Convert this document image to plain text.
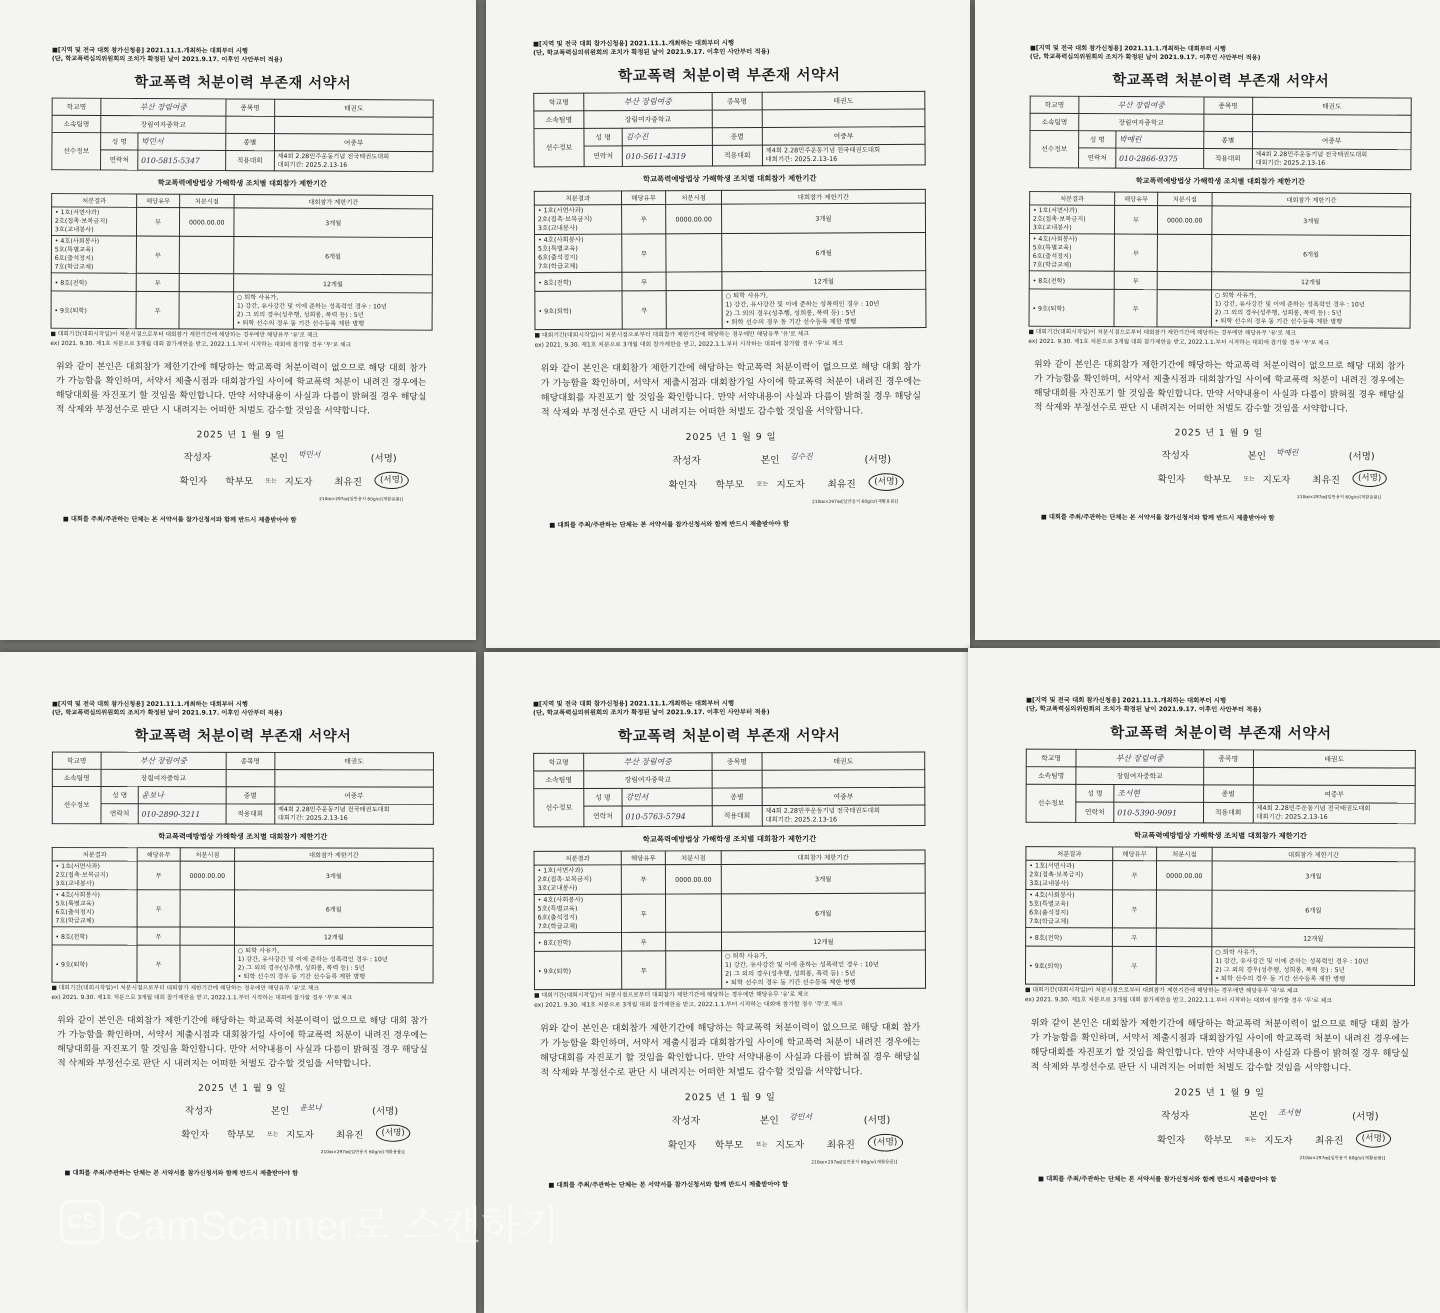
■[지역 및 전국 대회 참가신청용] 2021.11.1.개최하는 대회부터 시행
(단, 학교폭력심의위원회의 조치가 확정된 날이 2021.9.17. 이후인 사안부터 적용)
학교폭력 처분이력 부존재 서약서
학교명	부산 장림여중		종목명	태권도
소속팀명	장림여자중학교			
선수정보	성 명	박민서	종별	여중부
	연락처	010-5815-5347	적용대회	제4회 2.28민주운동기념 전국태권도대회
대회기간: 2025.2.13-16
학교폭력예방법상 가해학생 조치별 대회참가 제한기간
처분결과	해당유무	처분시점	대회참가 제한기간

• 1호(서면사과)
2호(접촉·보복금지)
3호(교내봉사)	무	0000.00.00	3개월

• 4호(사회봉사)
5호(특별교육)
6호(출석정지)
7호(학급교체)	무		6개월
• 8호(전학)	무		12개월
• 9호(퇴학)	무		○ 퇴학 사유가,
1) 강간, 유사강간 및 이에 준하는 성폭력인 경우 : 10년
2) 그 외의 경우(성추행, 성희롱, 폭력 등) : 5년
• 퇴학 선수의 경우 동 기간 선수등록 제한 병행
■ 대회기간(대회시작일)이 처분시점으로부터 대회참가 제한기간에 해당하는 경우에만 해당유무 '유'로 체크
ex) 2021. 9.30. 제1호 처분으로 3개월 대회 참가제한을 받고, 2022.1.1.부터 시작하는 대회에 참가할 경우 '무'로 체크
위와 같이 본인은 대회참가 제한기간에 해당하는 학교폭력 처분이력이 없으므로 해당 대회 참가가 가능함을 확인하며, 서약서 제출시점과 대회참가일 사이에 학교폭력 처분이 내려진 경우에는 해당대회를 자진포기 할 것임을 확인합니다. 만약 서약내용이 사실과 다름이 밝혀질 경우 해당실적 삭제와 부정선수로 판단 시 내려지는 어떠한 처벌도 감수할 것임을 서약합니다.
2025 년 1 월 9 일
작성자	본인 박민서	(서명)
확인자 학부모 또는 지도자 최유진	(서명)
210㎜×297㎜[일반용지 60g/㎡(재활용품)]
■ 대회를 주최/주관하는 단체는 본 서약서를 참가신청서와 함께 반드시 제출받아야 함
■[지역 및 전국 대회 참가신청용] 2021.11.1.개최하는 대회부터 시행
(단, 학교폭력심의위원회의 조치가 확정된 날이 2021.9.17. 이후인 사안부터 적용)
학교폭력 처분이력 부존재 서약서
학교명	부산 장림여중		종목명	태권도
소속팀명	장림여자중학교			
선수정보	성 명	김수진	종별	여중부
	연락처	010-5611-4319	적용대회	제4회 2.28민주운동기념 전국태권도대회
대회기간: 2025.2.13-16
학교폭력예방법상 가해학생 조치별 대회참가 제한기간
처분결과	해당유무	처분시점	대회참가 제한기간

• 1호(서면사과)
2호(접촉·보복금지)
3호(교내봉사)	무	0000.00.00	3개월

• 4호(사회봉사)
5호(특별교육)
6호(출석정지)
7호(학급교체)	무		6개월
• 8호(전학)	무		12개월
• 9호(퇴학)	무		○ 퇴학 사유가,
1) 강간, 유사강간 및 이에 준하는 성폭력인 경우 : 10년
2) 그 외의 경우(성추행, 성희롱, 폭력 등) : 5년
• 퇴학 선수의 경우 동 기간 선수등록 제한 병행
■ 대회기간(대회시작일)이 처분시점으로부터 대회참가 제한기간에 해당하는 경우에만 해당유무 '유'로 체크
ex) 2021. 9.30. 제1호 처분으로 3개월 대회 참가제한을 받고, 2022.1.1.부터 시작하는 대회에 참가할 경우 '무'로 체크
위와 같이 본인은 대회참가 제한기간에 해당하는 학교폭력 처분이력이 없으므로 해당 대회 참가가 가능함을 확인하며, 서약서 제출시점과 대회참가일 사이에 학교폭력 처분이 내려진 경우에는 해당대회를 자진포기 할 것임을 확인합니다. 만약 서약내용이 사실과 다름이 밝혀질 경우 해당실적 삭제와 부정선수로 판단 시 내려지는 어떠한 처벌도 감수할 것임을 서약합니다.
2025 년 1 월 9 일
작성자	본인 김수진	(서명)
확인자 학부모 또는 지도자 최유진	(서명)
210㎜×297㎜[일반용지 60g/㎡(재활용품)]
■ 대회를 주최/주관하는 단체는 본 서약서를 참가신청서와 함께 반드시 제출받아야 함
■[지역 및 전국 대회 참가신청용] 2021.11.1.개최하는 대회부터 시행
(단, 학교폭력심의위원회의 조치가 확정된 날이 2021.9.17. 이후인 사안부터 적용)
학교폭력 처분이력 부존재 서약서
학교명	부산 장림여중		종목명	태권도
소속팀명	장림여자중학교			
선수정보	성 명	박예린	종별	여중부
	연락처	010-2866-9375	적용대회	제4회 2.28민주운동기념 전국태권도대회
대회기간: 2025.2.13-16
학교폭력예방법상 가해학생 조치별 대회참가 제한기간
처분결과	해당유무	처분시점	대회참가 제한기간

• 1호(서면사과)
2호(접촉·보복금지)
3호(교내봉사)	무	0000.00.00	3개월

• 4호(사회봉사)
5호(특별교육)
6호(출석정지)
7호(학급교체)	무		6개월
• 8호(전학)	무		12개월
• 9호(퇴학)	무		○ 퇴학 사유가,
1) 강간, 유사강간 및 이에 준하는 성폭력인 경우 : 10년
2) 그 외의 경우(성추행, 성희롱, 폭력 등) : 5년
• 퇴학 선수의 경우 동 기간 선수등록 제한 병행
■ 대회기간(대회시작일)이 처분시점으로부터 대회참가 제한기간에 해당하는 경우에만 해당유무 '유'로 체크
ex) 2021. 9.30. 제1호 처분으로 3개월 대회 참가제한을 받고, 2022.1.1.부터 시작하는 대회에 참가할 경우 '무'로 체크
위와 같이 본인은 대회참가 제한기간에 해당하는 학교폭력 처분이력이 없으므로 해당 대회 참가가 가능함을 확인하며, 서약서 제출시점과 대회참가일 사이에 학교폭력 처분이 내려진 경우에는 해당대회를 자진포기 할 것임을 확인합니다. 만약 서약내용이 사실과 다름이 밝혀질 경우 해당실적 삭제와 부정선수로 판단 시 내려지는 어떠한 처벌도 감수할 것임을 서약합니다.
2025 년 1 월 9 일
작성자	본인 박예린	(서명)
확인자 학부모 또는 지도자 최유진	(서명)
210㎜×297㎜[일반용지 60g/㎡(재활용품)]
■ 대회를 주최/주관하는 단체는 본 서약서를 참가신청서와 함께 반드시 제출받아야 함
■[지역 및 전국 대회 참가신청용] 2021.11.1.개최하는 대회부터 시행
(단, 학교폭력심의위원회의 조치가 확정된 날이 2021.9.17. 이후인 사안부터 적용)
학교폭력 처분이력 부존재 서약서
학교명	부산 장림여중		종목명	태권도
소속팀명	장림여자중학교			
선수정보	성 명	윤보나	종별	여중부
	연락처	010-2890-3211	적용대회	제4회 2.28민주운동기념 전국태권도대회
대회기간: 2025.2.13-16
학교폭력예방법상 가해학생 조치별 대회참가 제한기간
처분결과	해당유무	처분시점	대회참가 제한기간

• 1호(서면사과)
2호(접촉·보복금지)
3호(교내봉사)	무	0000.00.00	3개월

• 4호(사회봉사)
5호(특별교육)
6호(출석정지)
7호(학급교체)	무		6개월
• 8호(전학)	무		12개월
• 9호(퇴학)	무		○ 퇴학 사유가,
1) 강간, 유사강간 및 이에 준하는 성폭력인 경우 : 10년
2) 그 외의 경우(성추행, 성희롱, 폭력 등) : 5년
• 퇴학 선수의 경우 동 기간 선수등록 제한 병행
■ 대회기간(대회시작일)이 처분시점으로부터 대회참가 제한기간에 해당하는 경우에만 해당유무 '유'로 체크
ex) 2021. 9.30. 제1호 처분으로 3개월 대회 참가제한을 받고, 2022.1.1.부터 시작하는 대회에 참가할 경우 '무'로 체크
위와 같이 본인은 대회참가 제한기간에 해당하는 학교폭력 처분이력이 없으므로 해당 대회 참가가 가능함을 확인하며, 서약서 제출시점과 대회참가일 사이에 학교폭력 처분이 내려진 경우에는 해당대회를 자진포기 할 것임을 확인합니다. 만약 서약내용이 사실과 다름이 밝혀질 경우 해당실적 삭제와 부정선수로 판단 시 내려지는 어떠한 처벌도 감수할 것임을 서약합니다.
2025 년 1 월 9 일
작성자	본인 윤보나	(서명)
확인자 학부모 또는 지도자 최유진	(서명)
210㎜×297㎜[일반용지 60g/㎡(재활용품)]
■ 대회를 주최/주관하는 단체는 본 서약서를 참가신청서와 함께 반드시 제출받아야 함
■[지역 및 전국 대회 참가신청용] 2021.11.1.개최하는 대회부터 시행
(단, 학교폭력심의위원회의 조치가 확정된 날이 2021.9.17. 이후인 사안부터 적용)
학교폭력 처분이력 부존재 서약서
학교명	부산 장림여중		종목명	태권도
소속팀명	장림여자중학교			
선수정보	성 명	강민서	종별	여중부
	연락처	010-5763-5794	적용대회	제4회 2.28민주운동기념 전국태권도대회
대회기간: 2025.2.13-16
학교폭력예방법상 가해학생 조치별 대회참가 제한기간
처분결과	해당유무	처분시점	대회참가 제한기간

• 1호(서면사과)
2호(접촉·보복금지)
3호(교내봉사)	무	0000.00.00	3개월

• 4호(사회봉사)
5호(특별교육)
6호(출석정지)
7호(학급교체)	무		6개월
• 8호(전학)	무		12개월
• 9호(퇴학)	무		○ 퇴학 사유가,
1) 강간, 유사강간 및 이에 준하는 성폭력인 경우 : 10년
2) 그 외의 경우(성추행, 성희롱, 폭력 등) : 5년
• 퇴학 선수의 경우 동 기간 선수등록 제한 병행
■ 대회기간(대회시작일)이 처분시점으로부터 대회참가 제한기간에 해당하는 경우에만 해당유무 '유'로 체크
ex) 2021. 9.30. 제1호 처분으로 3개월 대회 참가제한을 받고, 2022.1.1.부터 시작하는 대회에 참가할 경우 '무'로 체크
위와 같이 본인은 대회참가 제한기간에 해당하는 학교폭력 처분이력이 없으므로 해당 대회 참가가 가능함을 확인하며, 서약서 제출시점과 대회참가일 사이에 학교폭력 처분이 내려진 경우에는 해당대회를 자진포기 할 것임을 확인합니다. 만약 서약내용이 사실과 다름이 밝혀질 경우 해당실적 삭제와 부정선수로 판단 시 내려지는 어떠한 처벌도 감수할 것임을 서약합니다.
2025 년 1 월 9 일
작성자	본인 강민서	(서명)
확인자 학부모 또는 지도자 최유진	(서명)
210㎜×297㎜[일반용지 60g/㎡(재활용품)]
■ 대회를 주최/주관하는 단체는 본 서약서를 참가신청서와 함께 반드시 제출받아야 함
■[지역 및 전국 대회 참가신청용] 2021.11.1.개최하는 대회부터 시행
(단, 학교폭력심의위원회의 조치가 확정된 날이 2021.9.17. 이후인 사안부터 적용)
학교폭력 처분이력 부존재 서약서
학교명	부산 장림여중		종목명	태권도
소속팀명	장림여자중학교			
선수정보	성 명	조서현	종별	여중부
	연락처	010-5390-9091	적용대회	제4회 2.28민주운동기념 전국태권도대회
대회기간: 2025.2.13-16
학교폭력예방법상 가해학생 조치별 대회참가 제한기간
처분결과	해당유무	처분시점	대회참가 제한기간

• 1호(서면사과)
2호(접촉·보복금지)
3호(교내봉사)	무	0000.00.00	3개월

• 4호(사회봉사)
5호(특별교육)
6호(출석정지)
7호(학급교체)	무		6개월
• 8호(전학)	무		12개월
• 9호(퇴학)	무		○ 퇴학 사유가,
1) 강간, 유사강간 및 이에 준하는 성폭력인 경우 : 10년
2) 그 외의 경우(성추행, 성희롱, 폭력 등) : 5년
• 퇴학 선수의 경우 동 기간 선수등록 제한 병행
■ 대회기간(대회시작일)이 처분시점으로부터 대회참가 제한기간에 해당하는 경우에만 해당유무 '유'로 체크
ex) 2021. 9.30. 제1호 처분으로 3개월 대회 참가제한을 받고, 2022.1.1.부터 시작하는 대회에 참가할 경우 '무'로 체크
위와 같이 본인은 대회참가 제한기간에 해당하는 학교폭력 처분이력이 없으므로 해당 대회 참가가 가능함을 확인하며, 서약서 제출시점과 대회참가일 사이에 학교폭력 처분이 내려진 경우에는 해당대회를 자진포기 할 것임을 확인합니다. 만약 서약내용이 사실과 다름이 밝혀질 경우 해당실적 삭제와 부정선수로 판단 시 내려지는 어떠한 처벌도 감수할 것임을 서약합니다.
2025 년 1 월 9 일
작성자	본인 조서현	(서명)
확인자 학부모 또는 지도자 최유진	(서명)
210㎜×297㎜[일반용지 60g/㎡(재활용품)]
■ 대회를 주최/주관하는 단체는 본 서약서를 참가신청서와 함께 반드시 제출받아야 함
CS CamScanner로 스캔하기
